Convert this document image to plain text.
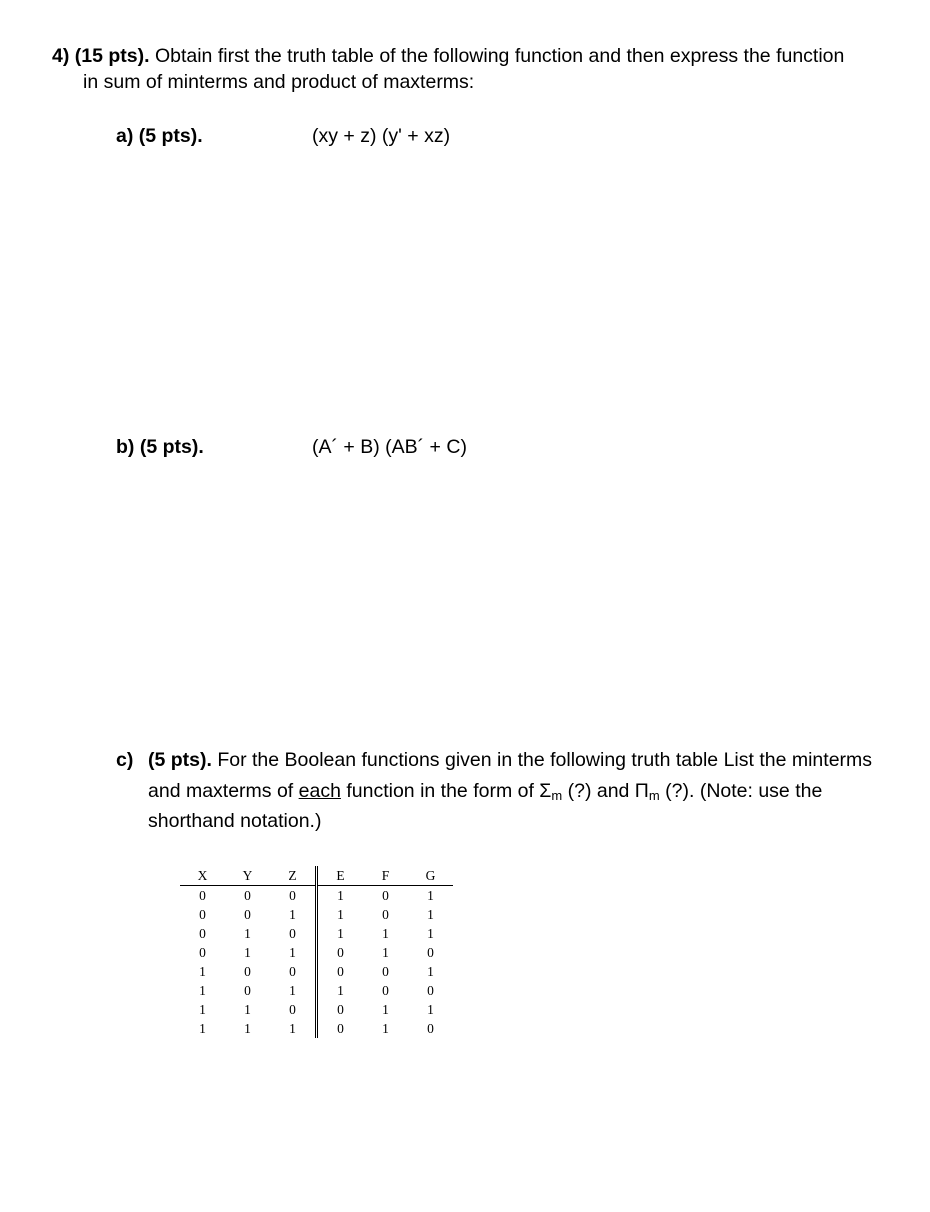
4) (15 pts). Obtain first the truth table of the following function and then express the function
in sum of minterms and product of maxterms:
a) (5 pts).	(xy + z) (y' + xz)
b) (5 pts).	(A´ + B) (AB´ + C)
c) (5 pts). For the Boolean functions given in the following truth table List the minterms and maxterms of each function in the form of $\Sigma_m$ (?) and $\Pi_m$ (?). (Note: use the shorthand notation.)
X	Y	Z	E	F	G
0	0	0	1	0	1
0	0	1	1	0	1
0	1	0	1	1	1
0	1	1	0	1	0
1	0	0	0	0	1
1	0	1	1	0	0
1	1	0	0	1	1
1	1	1	0	1	0
